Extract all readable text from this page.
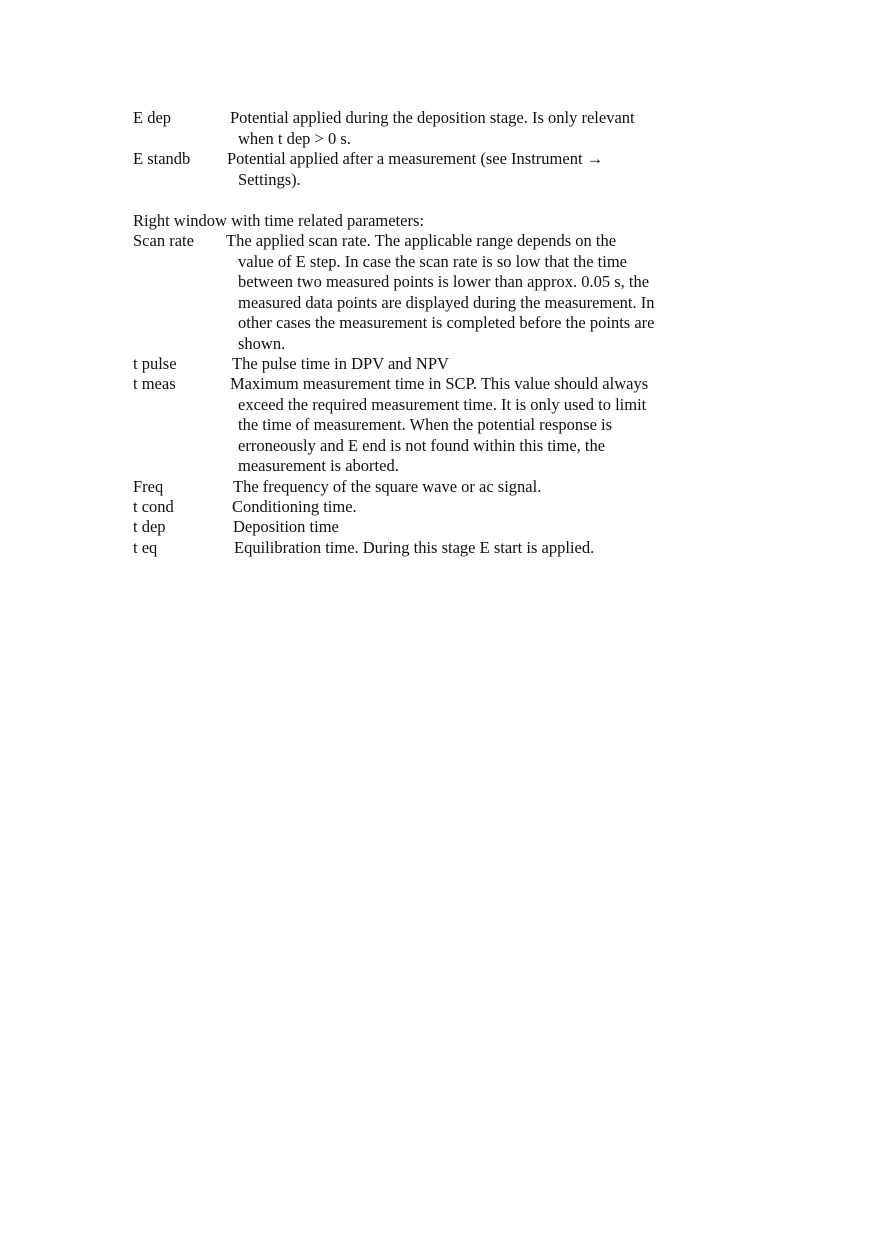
E dep	Potential applied during the deposition stage. Is only relevant
when t dep > 0 s.
E standb Potential applied after a measurement (see Instrument →
Settings).
Right window with time related parameters:
Scan rate The applied scan rate. The applicable range depends on the
value of E step. In case the scan rate is so low that the time
between two measured points is lower than approx. 0.05 s, the
measured data points are displayed during the measurement. In
other cases the measurement is completed before the points are
shown.
t pulse	The pulse time in DPV and NPV
t meas	Maximum measurement time in SCP. This value should always
exceed the required measurement time. It is only used to limit
the time of measurement. When the potential response is
erroneously and E end is not found within this time, the
measurement is aborted.
Freq	The frequency of the square wave or ac signal.
t cond	Conditioning time.
t dep	Deposition time
t eq	Equilibration time. During this stage E start is applied.
